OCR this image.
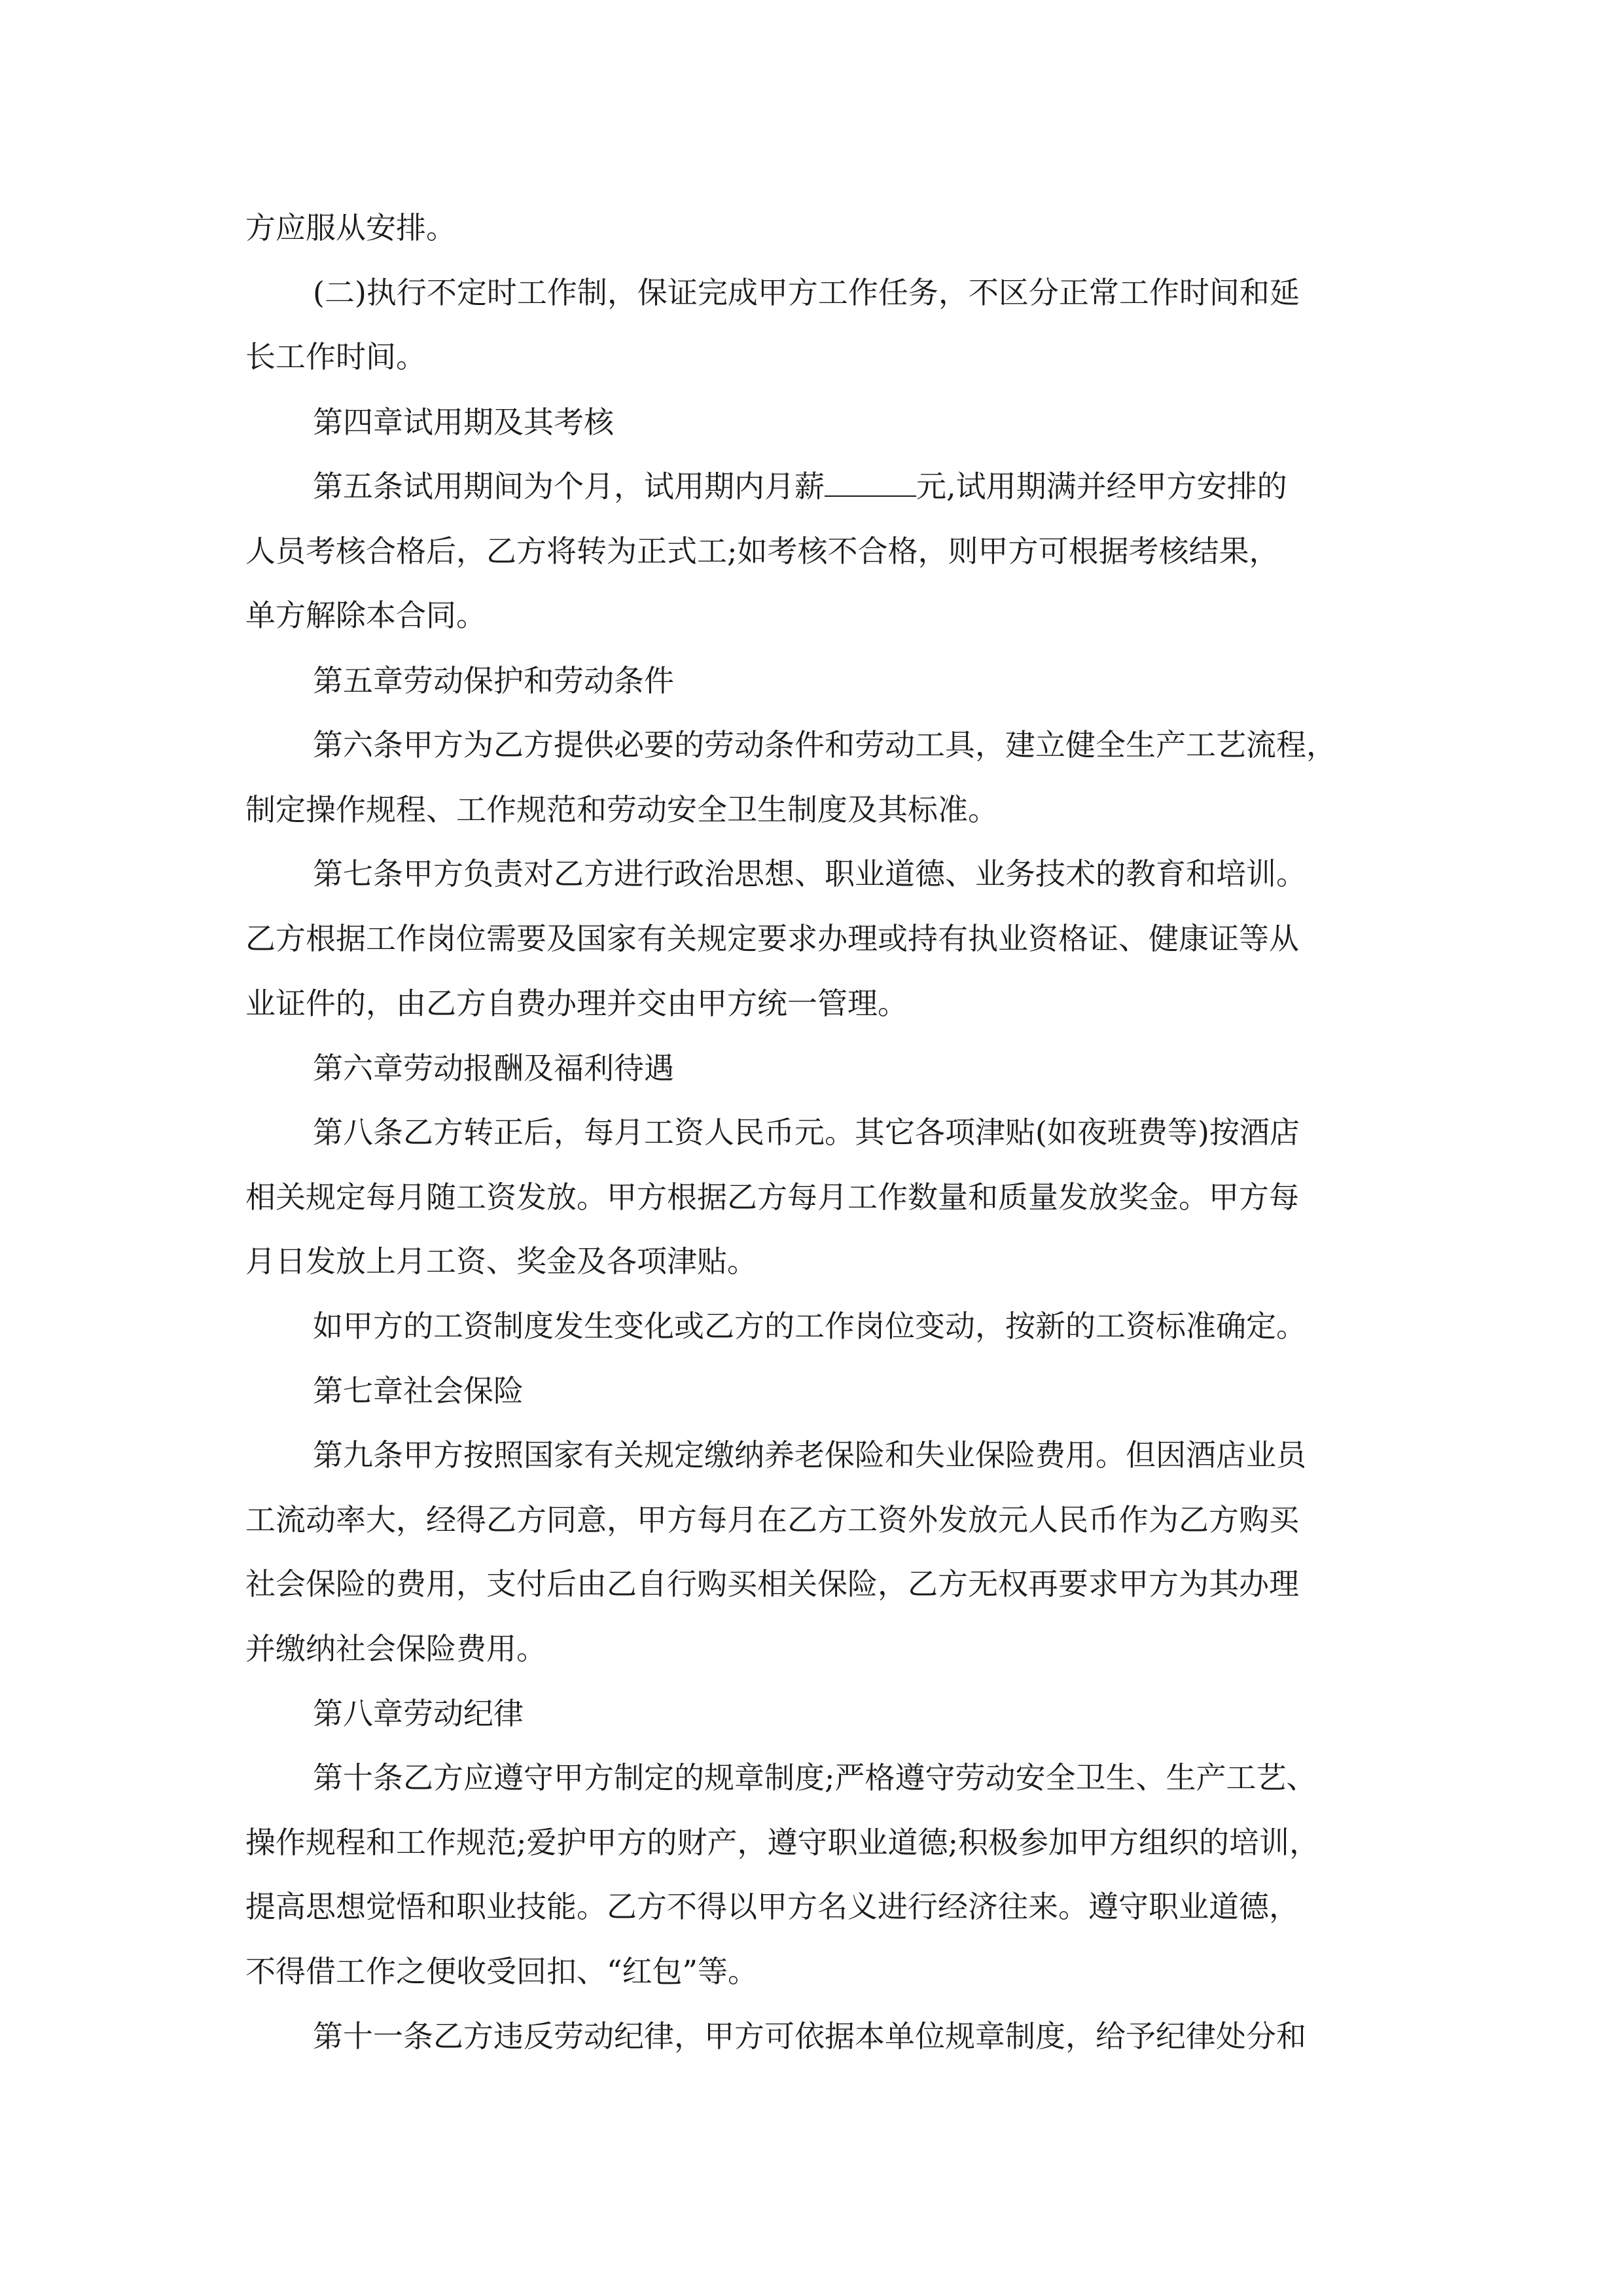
方应服从安排。
(二)执行不定时工作制，保证完成甲方工作任务，不区分正常工作时间和延
长工作时间。
第四章试用期及其考核
第五条试用期间为个月，试用期内月薪	元,试用期满并经甲方安排的
人员考核合格后，乙方将转为正式工;如考核不合格，则甲方可根据考核结果，
单方解除本合同。
第五章劳动保护和劳动条件
第六条甲方为乙方提供必要的劳动条件和劳动工具，建立健全生产工艺流程，
制定操作规程、工作规范和劳动安全卫生制度及其标准。
第七条甲方负责对乙方进行政治思想、职业道德、业务技术的教育和培训。
乙方根据工作岗位需要及国家有关规定要求办理或持有执业资格证、健康证等从
业证件的，由乙方自费办理并交由甲方统一管理。
第六章劳动报酬及福利待遇
第八条乙方转正后，每月工资人民币元。其它各项津贴(如夜班费等)按酒店
相关规定每月随工资发放。甲方根据乙方每月工作数量和质量发放奖金。甲方每
月日发放上月工资、奖金及各项津贴。
如甲方的工资制度发生变化或乙方的工作岗位变动，按新的工资标准确定。
第七章社会保险
第九条甲方按照国家有关规定缴纳养老保险和失业保险费用。但因酒店业员
工流动率大，经得乙方同意，甲方每月在乙方工资外发放元人民币作为乙方购买
社会保险的费用，支付后由乙自行购买相关保险，乙方无权再要求甲方为其办理
并缴纳社会保险费用。
第八章劳动纪律
第十条乙方应遵守甲方制定的规章制度;严格遵守劳动安全卫生、生产工艺、
操作规程和工作规范;爱护甲方的财产，遵守职业道德;积极参加甲方组织的培训，
提高思想觉悟和职业技能。乙方不得以甲方名义进行经济往来。遵守职业道德，
不得借工作之便收受回扣、“红包”等。
第十一条乙方违反劳动纪律，甲方可依据本单位规章制度，给予纪律处分和
